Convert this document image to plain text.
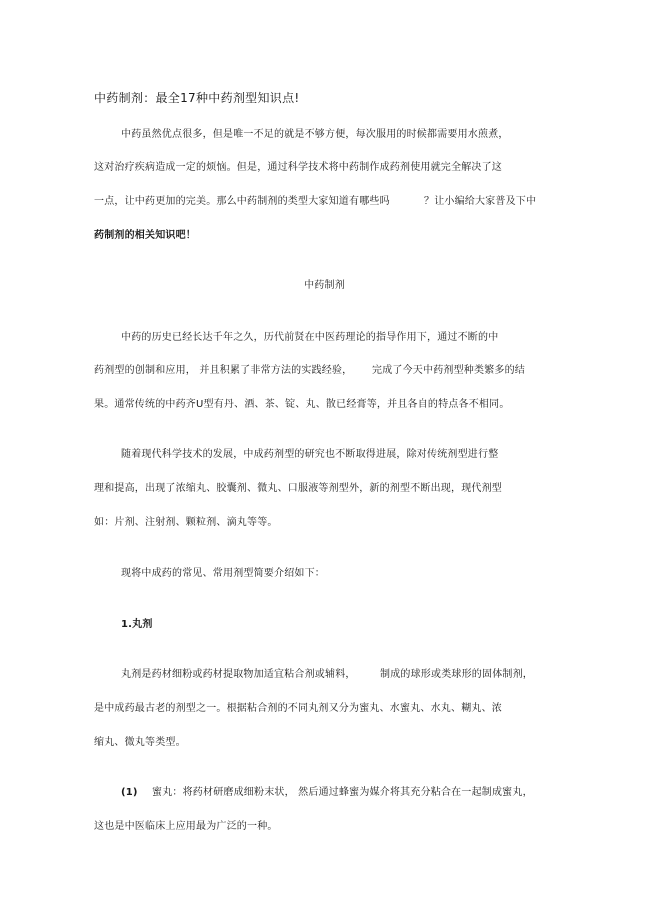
中药制剂：最全17种中药剂型知识点!
中药虽然优点很多，但是唯一不足的就是不够方便，每次服用的时候都需要用水煎煮，
这对治疗疾病造成一定的烦恼。但是，通过科学技术将中药制作成药剂使用就完全解决了这
一点，让中药更加的完美。那么中药制剂的类型大家知道有哪些吗	？让小编给大家普及下中
药制剂的相关知识吧！
中药制剂
中药的历史已经长达千年之久，历代前贤在中医药理论的指导作用下，通过不断的中
药剂型的创制和应用， 并且积累了非常方法的实践经验， 完成了今天中药剂型种类繁多的结
果。通常传统的中药齐U型有丹、酒、茶、锭、丸、散已经膏等，并且各自的特点各不相同。
随着现代科学技术的发展，中成药剂型的研究也不断取得进展，除对传统剂型进行整
理和提高，出现了浓缩丸、胶囊剂、微丸、口服液等剂型外，新的剂型不断出现，现代剂型
如：片剂、注射剂、颗粒剂、滴丸等等。
现将中成药的常见、常用剂型简要介绍如下：
1.丸剂
丸剂是药材细粉或药材提取物加适宜粘合剂或辅料， 制成的球形或类球形的固体制剂，
是中成药最古老的剂型之一。根据粘合剂的不同丸剂又分为蜜丸、水蜜丸、水丸、糊丸、浓
缩丸、微丸等类型。
(1) 蜜丸：将药材研磨成细粉末状， 然后通过蜂蜜为媒介将其充分粘合在一起制成蜜丸，
这也是中医临床上应用最为广泛的一种。
